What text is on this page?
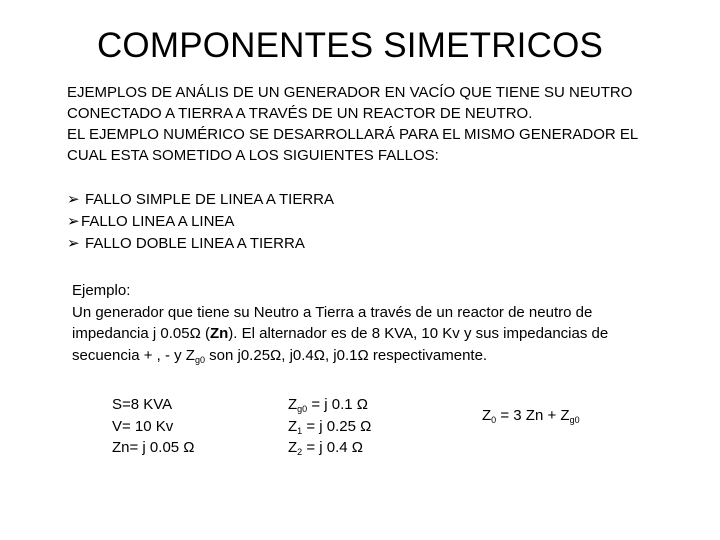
COMPONENTES SIMETRICOS
EJEMPLOS DE ANÁLIS DE UN GENERADOR EN VACÍO QUE TIENE SU NEUTRO
CONECTADO A TIERRA A TRAVÉS DE UN REACTOR DE NEUTRO.
EL EJEMPLO NUMÉRICO SE DESARROLLARÁ PARA EL MISMO GENERADOR EL
CUAL ESTA SOMETIDO A LOS SIGUIENTES FALLOS:
➢ FALLO SIMPLE DE LINEA A TIERRA
➢FALLO LINEA A LINEA
➢ FALLO DOBLE LINEA A TIERRA
Ejemplo:
Un generador que tiene su Neutro a Tierra a través de un reactor de neutro de
impedancia j 0.05Ω (Zn). El alternador es de 8 KVA, 10 Kv y sus impedancias de
secuencia + , - y $Z_{g0}$ son j0.25Ω, j0.4Ω, j0.1Ω respectivamente.
S=8 KVA
V= 10 Kv
Zn= j 0.05 Ω
$Z_{g0} = j$ 0.1 Ω
$Z_1 = j$ 0.25 Ω
$Z_2 = j$ 0.4 Ω
$Z_0 = 3$ $Zn + Z_{g0}$
